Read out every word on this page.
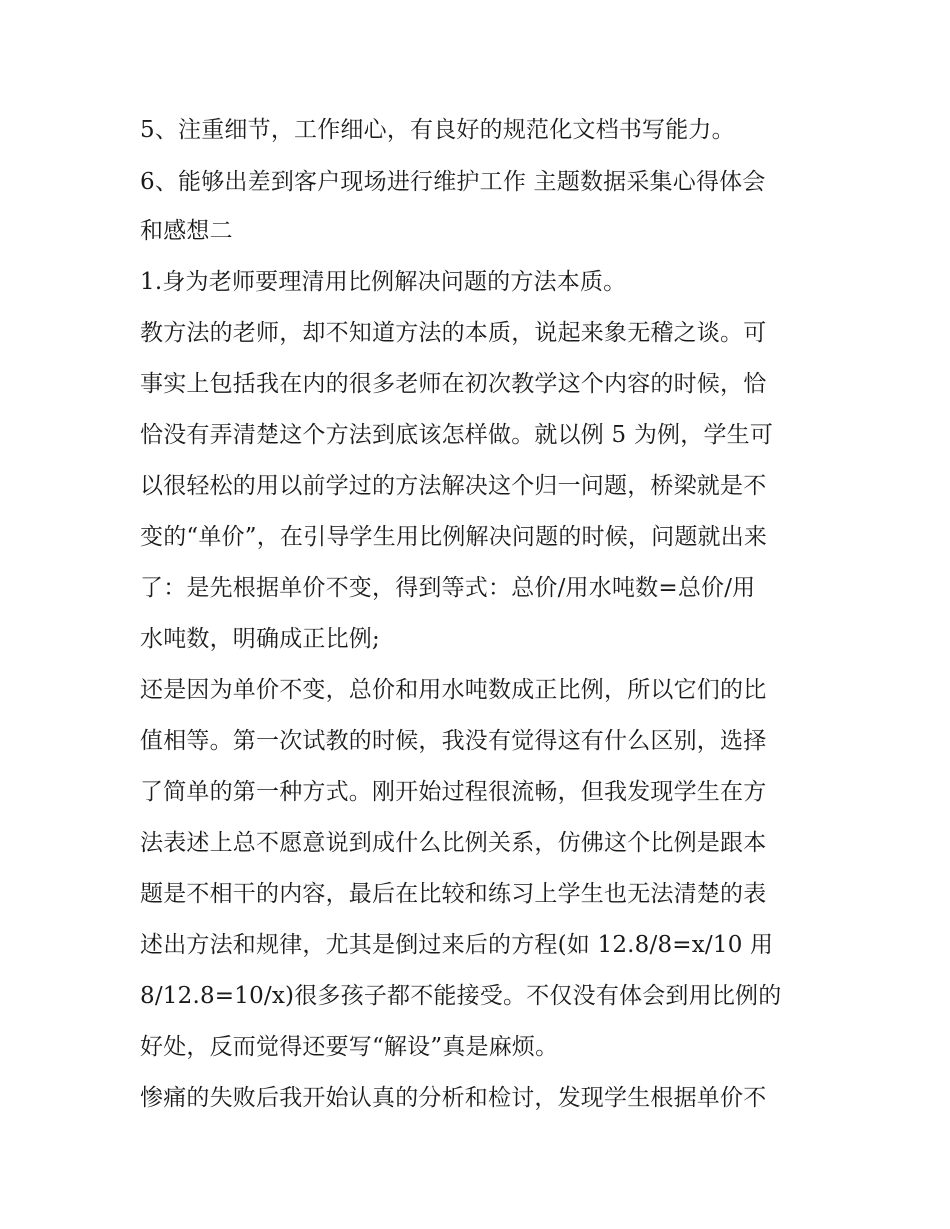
5、注重细节，工作细心，有良好的规范化文档书写能力。
6、能够出差到客户现场进行维护工作 主题数据采集心得体会
和感想二
1.身为老师要理清用比例解决问题的方法本质。
教方法的老师，却不知道方法的本质，说起来象无稽之谈。可
事实上包括我在内的很多老师在初次教学这个内容的时候，恰
恰没有弄清楚这个方法到底该怎样做。就以例 5 为例，学生可
以很轻松的用以前学过的方法解决这个归一问题，桥梁就是不
变的“单价”，在引导学生用比例解决问题的时候，问题就出来
了：是先根据单价不变，得到等式：总价/用水吨数=总价/用
水吨数，明确成正比例;
还是因为单价不变，总价和用水吨数成正比例，所以它们的比
值相等。第一次试教的时候，我没有觉得这有什么区别，选择
了简单的第一种方式。刚开始过程很流畅，但我发现学生在方
法表述上总不愿意说到成什么比例关系，仿佛这个比例是跟本
题是不相干的内容，最后在比较和练习上学生也无法清楚的表
述出方法和规律，尤其是倒过来后的方程(如 12.8/8=x/10 用
8/12.8=10/x)很多孩子都不能接受。不仅没有体会到用比例的
好处，反而觉得还要写“解设”真是麻烦。
惨痛的失败后我开始认真的分析和检讨，发现学生根据单价不
